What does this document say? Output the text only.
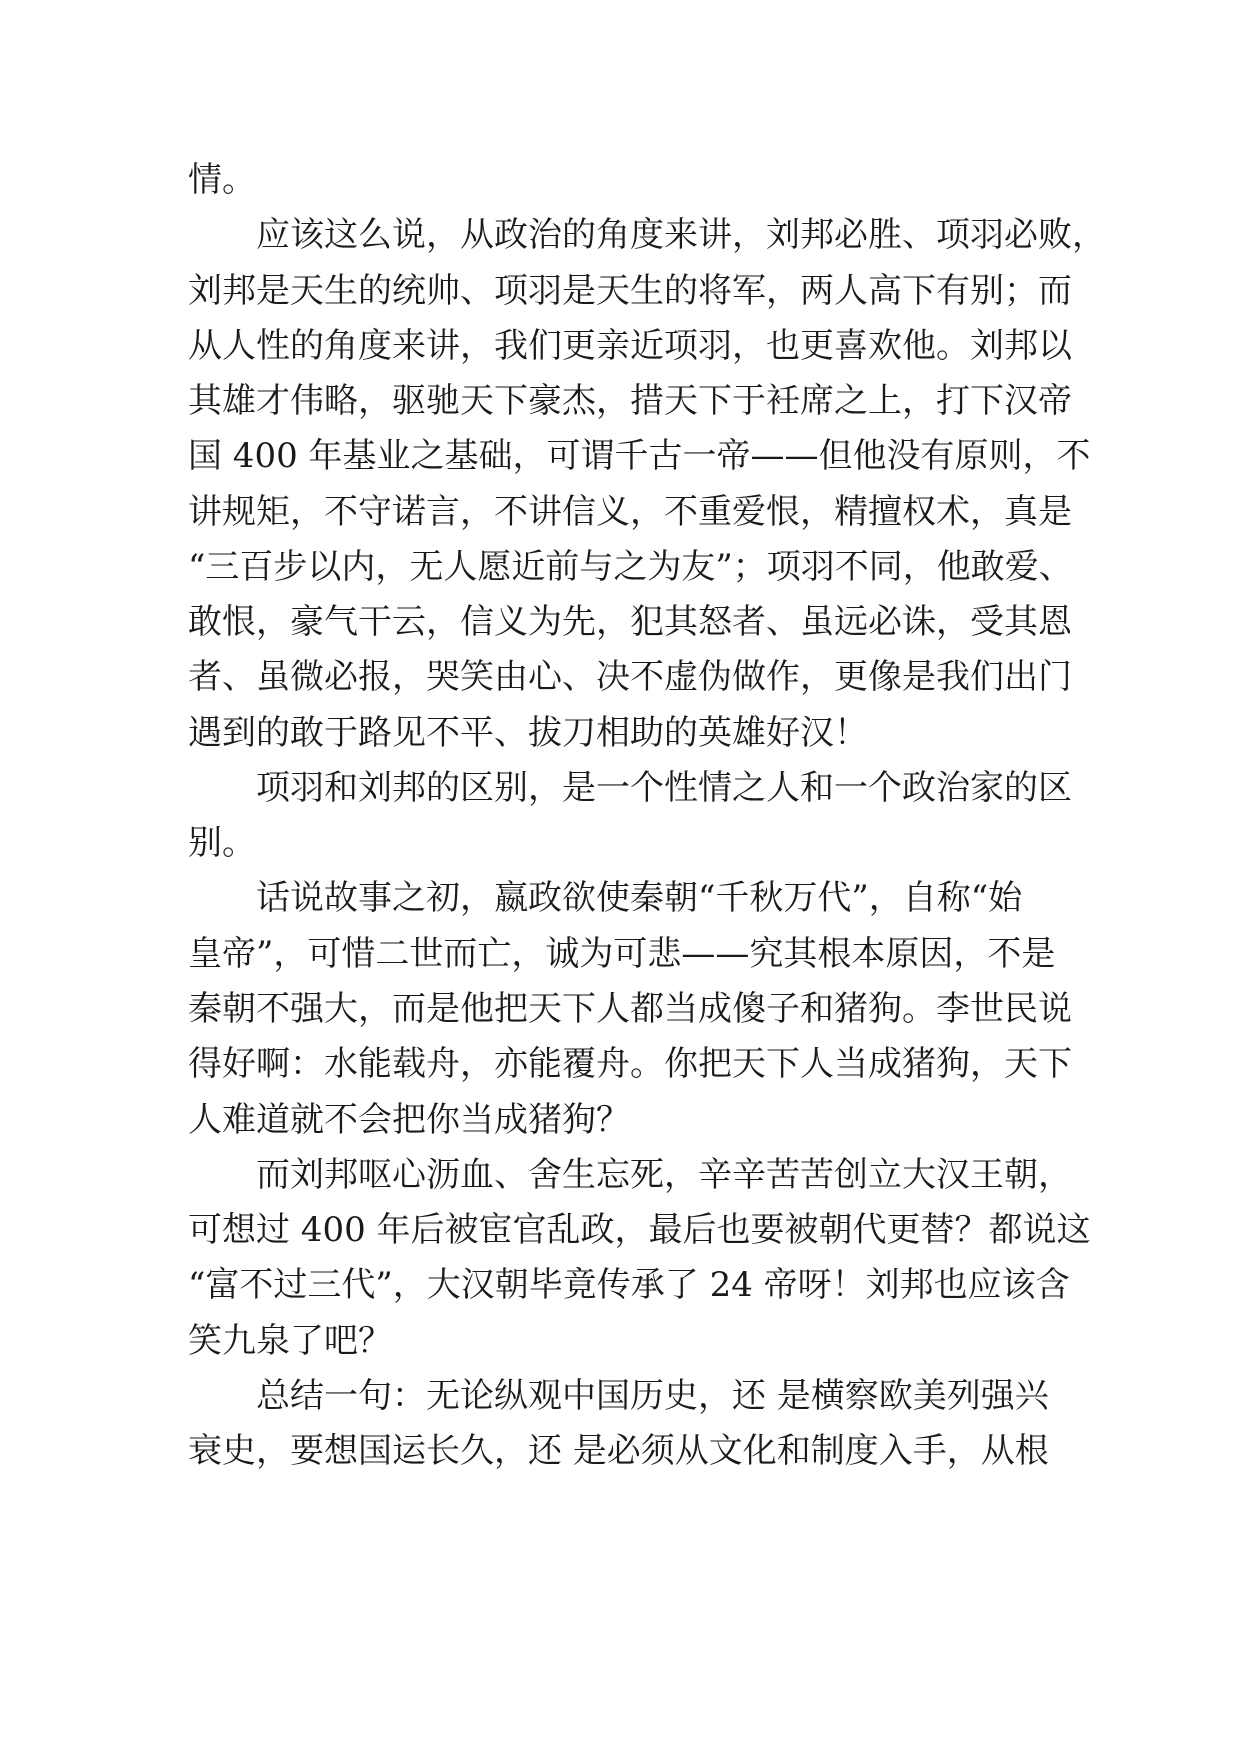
情。
应该这么说，从政治的角度来讲，刘邦必胜、项羽必败，
刘邦是天生的统帅、项羽是天生的将军，两人高下有别；而
从人性的角度来讲，我们更亲近项羽，也更喜欢他。刘邦以
其雄才伟略，驱驰天下豪杰，措天下于衽席之上，打下汉帝
国 400 年基业之基础，可谓千古一帝——但他没有原则，不
讲规矩，不守诺言，不讲信义，不重爱恨，精擅权术，真是
“三百步以内，无人愿近前与之为友”；项羽不同，他敢爱、
敢恨，豪气干云，信义为先，犯其怒者、虽远必诛，受其恩
者、虽微必报，哭笑由心、决不虚伪做作，更像是我们出门
遇到的敢于路见不平、拔刀相助的英雄好汉！
项羽和刘邦的区别，是一个性情之人和一个政治家的区
别。
话说故事之初，嬴政欲使秦朝“千秋万代”，自称“始
皇帝”，可惜二世而亡，诚为可悲——究其根本原因，不是
秦朝不强大，而是他把天下人都当成傻子和猪狗。李世民说
得好啊：水能载舟，亦能覆舟。你把天下人当成猪狗，天下
人难道就不会把你当成猪狗？
而刘邦呕心沥血、舍生忘死，辛辛苦苦创立大汉王朝，
可想过 400 年后被宦官乱政，最后也要被朝代更替？都说这
“富不过三代”，大汉朝毕竟传承了 24 帝呀！刘邦也应该含
笑九泉了吧？
总结一句：无论纵观中国历史，还 是横察欧美列强兴
衰史，要想国运长久，还 是必须从文化和制度入手，从根
